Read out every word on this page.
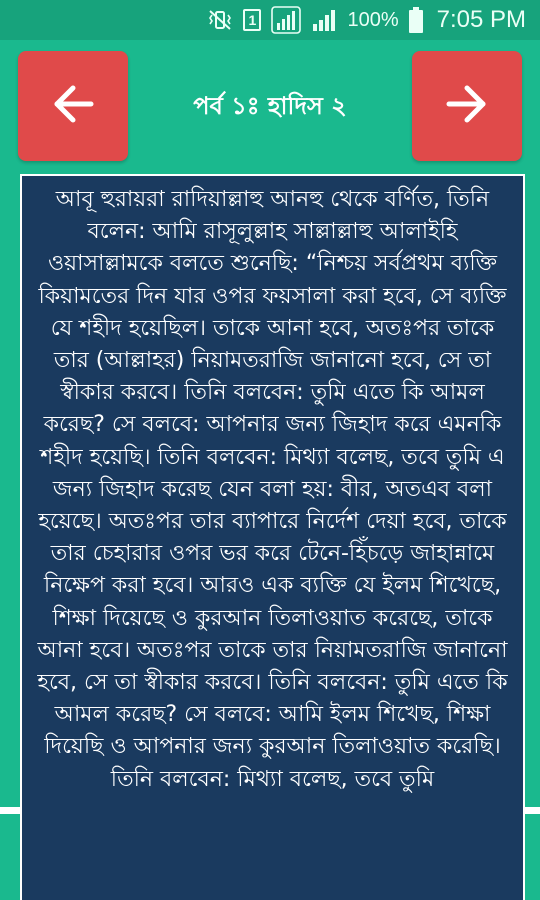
1	100% 7:05 PM
পর্ব ১ঃ হাদিস ২

আবূ হুরায়রা রাদিয়াল্লাহু আনহু থেকে বর্ণিত, তিনি বলেন: আমি রাসূলুল্লাহ সাল্লাল্লাহু আলাইহি ওয়াসাল্লামকে বলতে শুনেছি: “নিশ্চয় সর্বপ্রথম ব্যক্তি কিয়ামতের দিন যার ওপর ফয়সালা করা হবে, সে ব্যক্তি যে শহীদ হয়েছিল। তাকে আনা হবে, অতঃপর তাকে তার (আল্লাহর) নিয়ামতরাজি জানানো হবে, সে তা স্বীকার করবে। তিনি বলবেন: তুমি এতে কি আমল করেছ? সে বলবে: আপনার জন্য জিহাদ করে এমনকি শহীদ হয়েছি। তিনি বলবেন: মিথ্যা বলেছ, তবে তুমি এ জন্য জিহাদ করেছ যেন বলা হয়: বীর, অতএব বলা হয়েছে। অতঃপর তার ব্যাপারে নির্দেশ দেয়া হবে, তাকে তার চেহারার ওপর ভর করে টেনে-হিঁচড়ে জাহান্নামে নিক্ষেপ করা হবে। আরও এক ব্যক্তি যে ইলম শিখেছে, শিক্ষা দিয়েছে ও কুরআন তিলাওয়াত করেছে, তাকে আনা হবে। অতঃপর তাকে তার নিয়ামতরাজি জানানো হবে, সে তা স্বীকার করবে। তিনি বলবেন: তুমি এতে কি আমল করেছ? সে বলবে: আমি ইলম শিখেছ, শিক্ষা দিয়েছি ও আপনার জন্য কুরআন তিলাওয়াত করেছি। তিনি বলবেন: মিথ্যা বলেছ, তবে তুমি
